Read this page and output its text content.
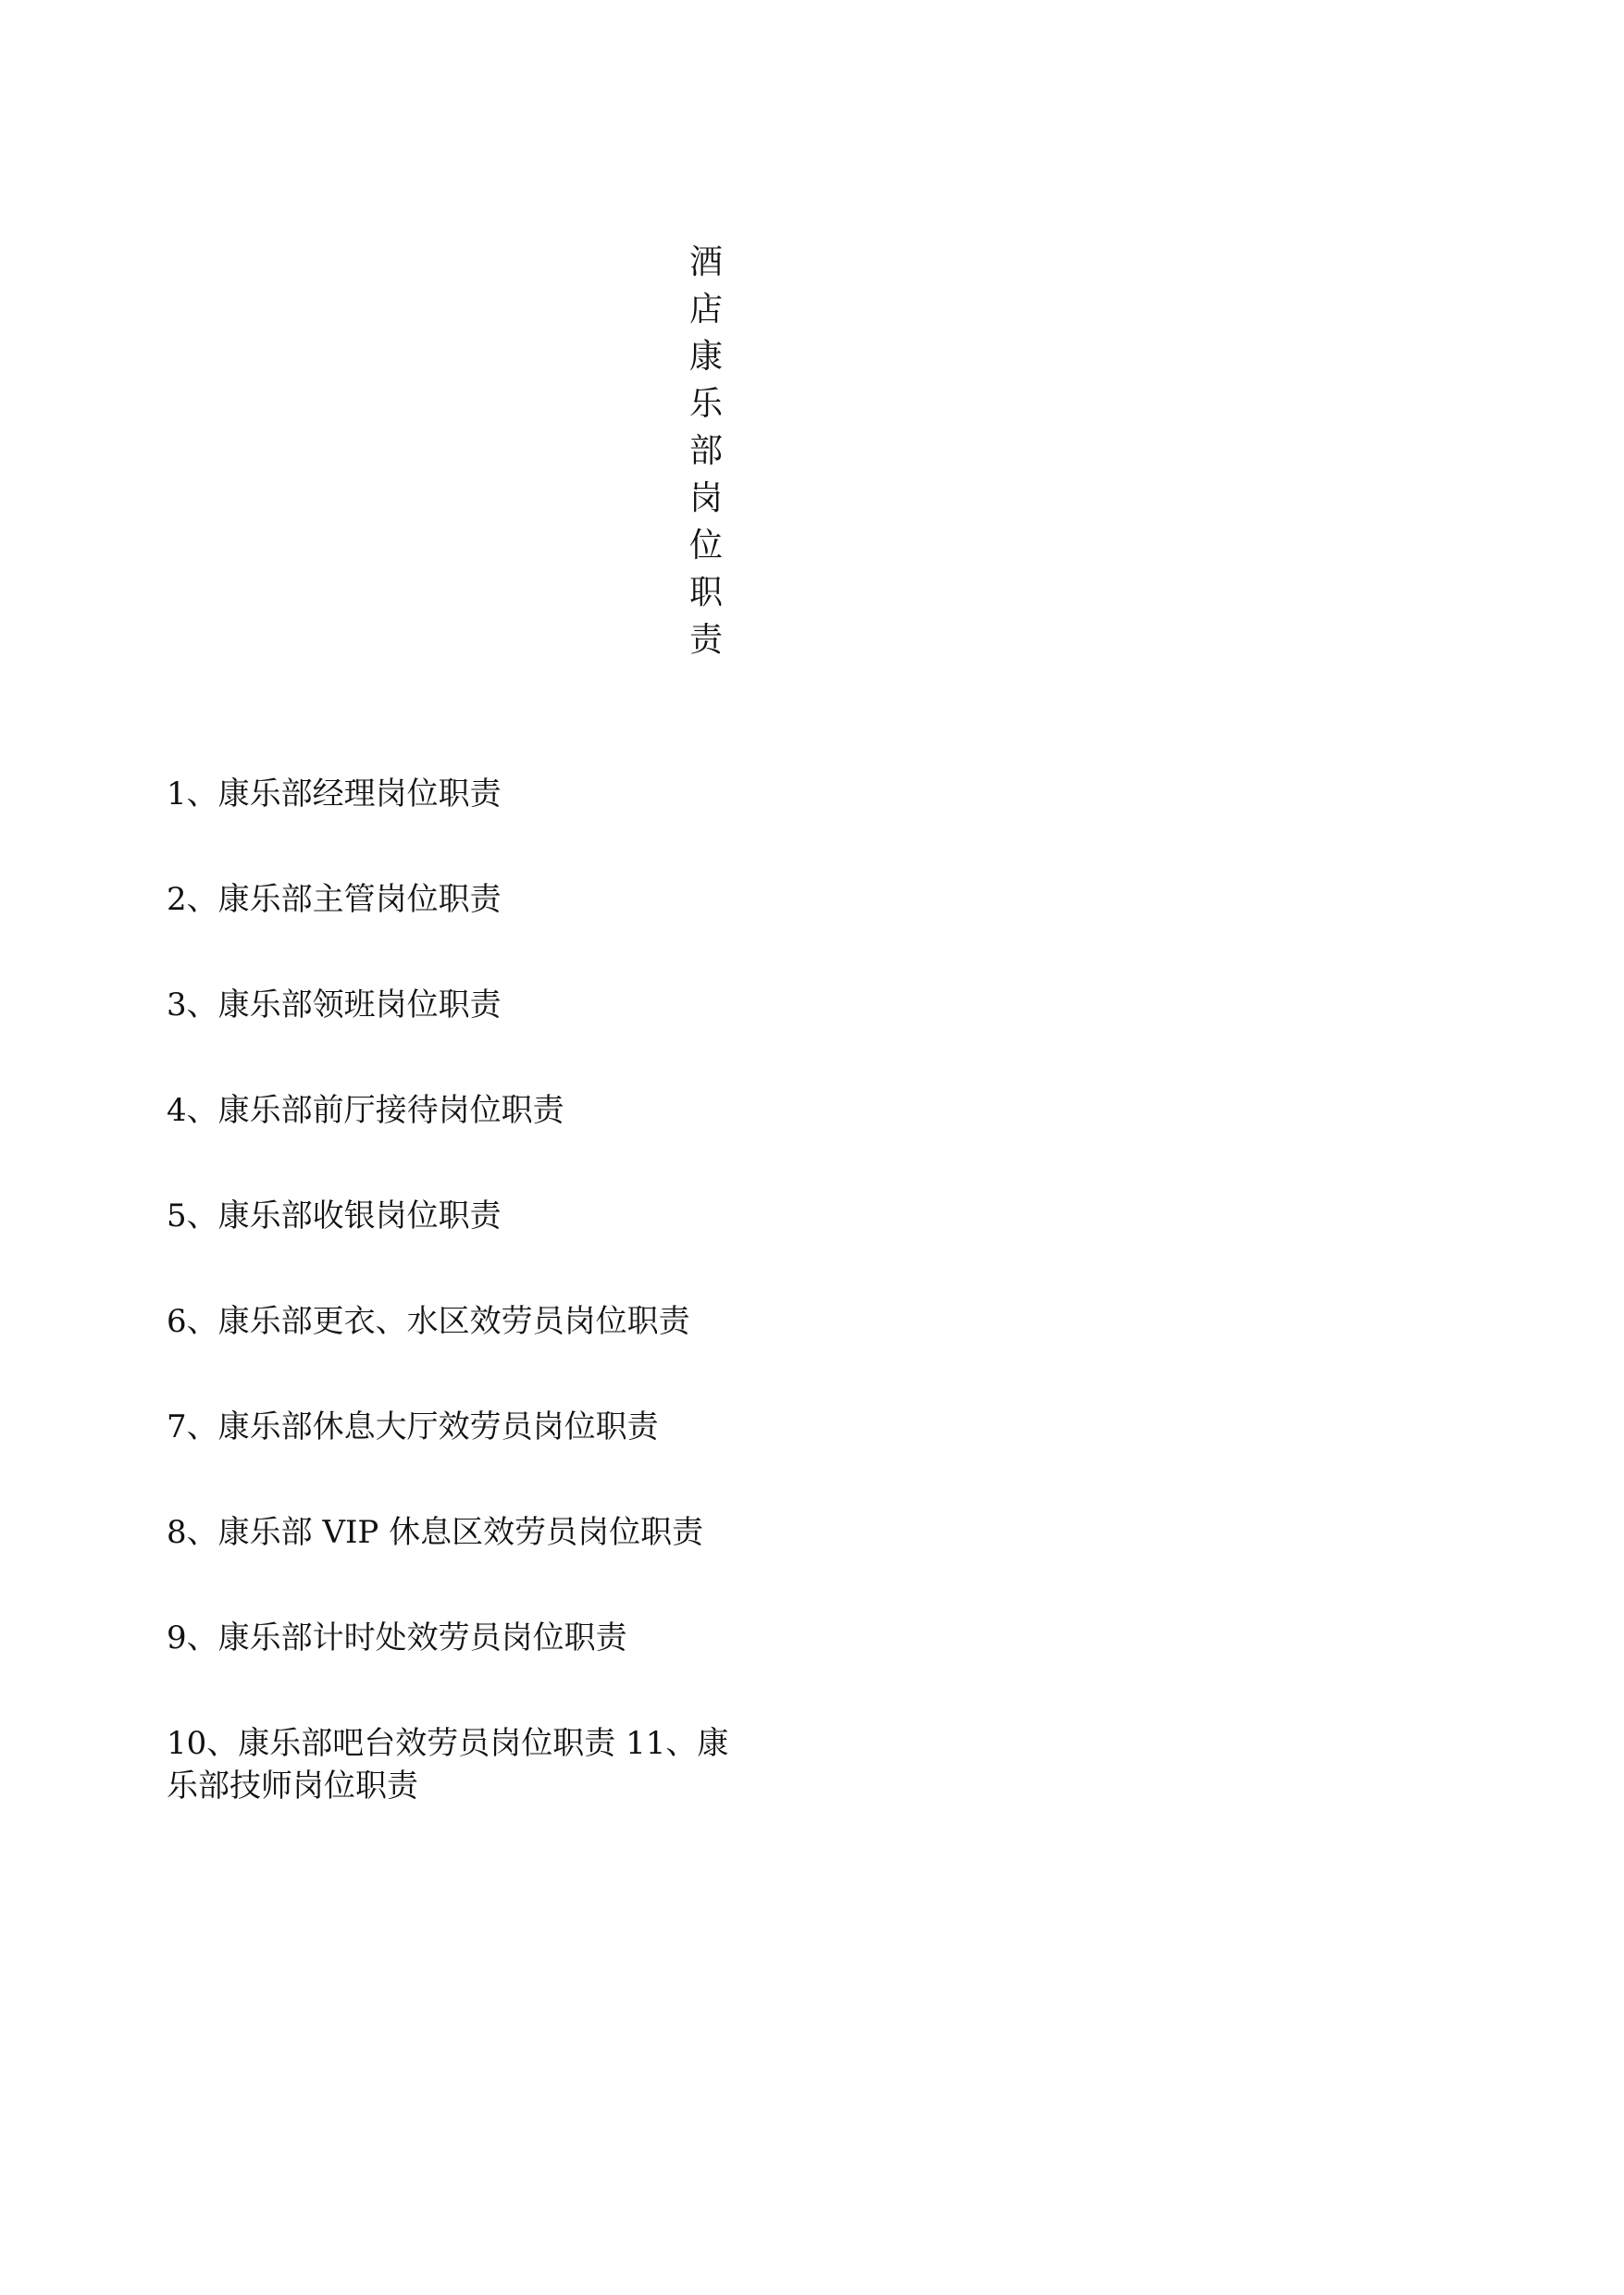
酒店康乐部岗位职责
1、康乐部经理岗位职责
2、康乐部主管岗位职责
3、康乐部领班岗位职责
4、康乐部前厅接待岗位职责
5、康乐部收银岗位职责
6、康乐部更衣、水区效劳员岗位职责
7、康乐部休息大厅效劳员岗位职责
8、康乐部 VIP 休息区效劳员岗位职责
9、康乐部计时处效劳员岗位职责
10、康乐部吧台效劳员岗位职责 11、康乐部技师岗位职责
